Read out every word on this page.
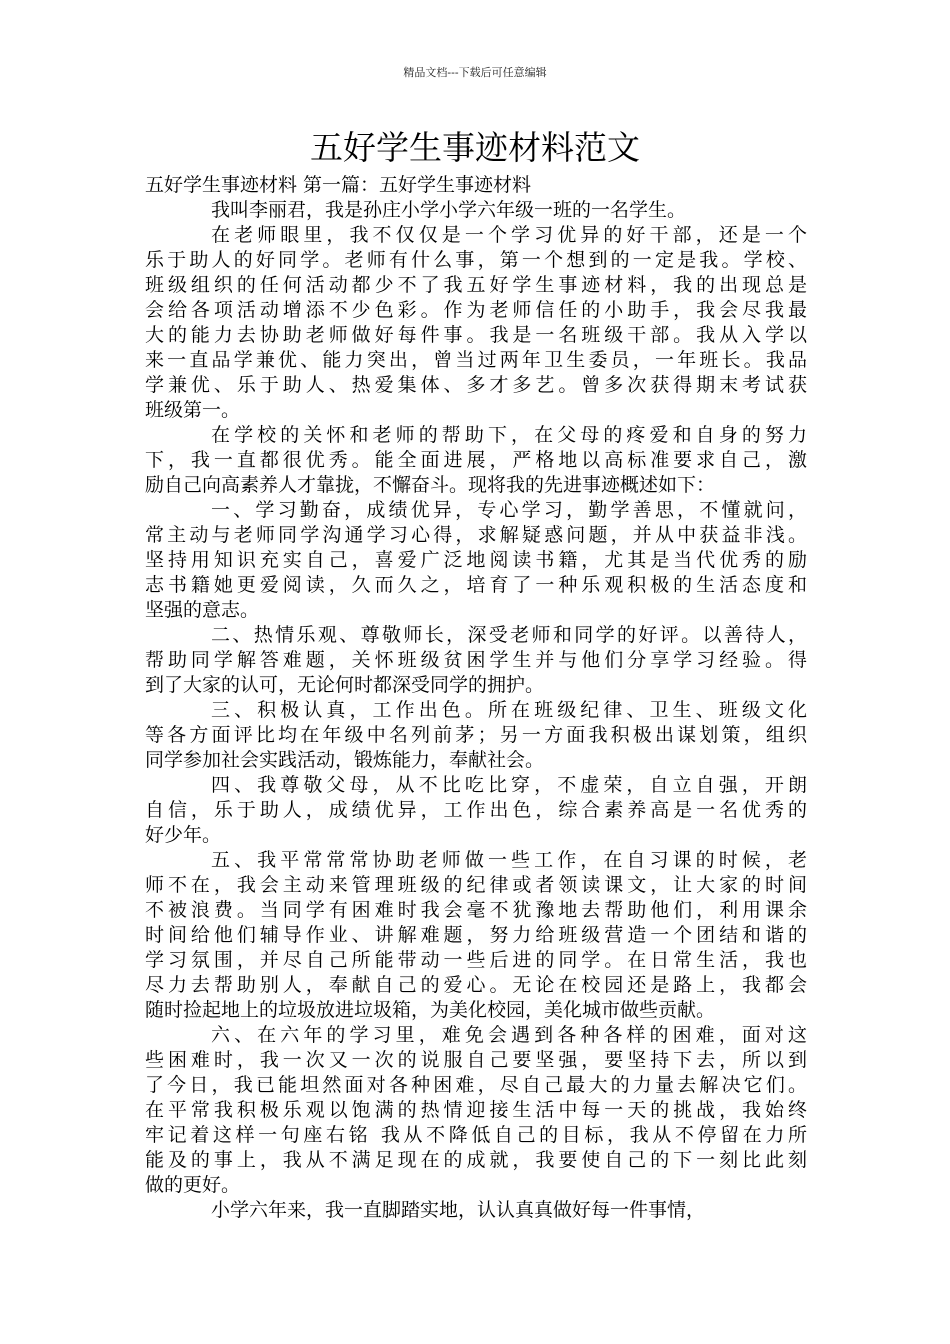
精品文档---下载后可任意编辑
五好学生事迹材料范文
五好学生事迹材料 第一篇：五好学生事迹材料
我叫李丽君，我是孙庄小学小学六年级一班的一名学生。
在老师眼里，我不仅仅是一个学习优异的好干部，还是一个
乐于助人的好同学。老师有什么事，第一个想到的一定是我。学校、
班级组织的任何活动都少不了我五好学生事迹材料，我的出现总是
会给各项活动增添不少色彩。作为老师信任的小助手，我会尽我最
大的能力去协助老师做好每件事。我是一名班级干部。我从入学以
来一直品学兼优、能力突出，曾当过两年卫生委员，一年班长。我品
学兼优、乐于助人、热爱集体、多才多艺。曾多次获得期末考试获
班级第一。
在学校的关怀和老师的帮助下，在父母的疼爱和自身的努力
下，我一直都很优秀。能全面进展，严格地以高标准要求自己，激
励自己向高素养人才靠拢，不懈奋斗。现将我的先进事迹概述如下：
一、学习勤奋，成绩优异，专心学习，勤学善思，不懂就问，
常主动与老师同学沟通学习心得，求解疑惑问题，并从中获益非浅。
坚持用知识充实自己，喜爱广泛地阅读书籍，尤其是当代优秀的励
志书籍她更爱阅读，久而久之，培育了一种乐观积极的生活态度和
坚强的意志。
二、热情乐观、尊敬师长，深受老师和同学的好评。以善待人，
帮助同学解答难题，关怀班级贫困学生并与他们分享学习经验。得
到了大家的认可，无论何时都深受同学的拥护。
三、积极认真，工作出色。所在班级纪律、卫生、班级文化
等各方面评比均在年级中名列前茅；另一方面我积极出谋划策，组织
同学参加社会实践活动，锻炼能力，奉献社会。
四、我尊敬父母，从不比吃比穿，不虚荣，自立自强，开朗
自信，乐于助人，成绩优异，工作出色，综合素养高是一名优秀的
好少年。
五、我平常常常协助老师做一些工作，在自习课的时候，老
师不在，我会主动来管理班级的纪律或者领读课文，让大家的时间
不被浪费。当同学有困难时我会毫不犹豫地去帮助他们，利用课余
时间给他们辅导作业、讲解难题，努力给班级营造一个团结和谐的
学习氛围，并尽自己所能带动一些后进的同学。在日常生活，我也
尽力去帮助别人，奉献自己的爱心。无论在校园还是路上，我都会
随时捡起地上的垃圾放进垃圾箱，为美化校园，美化城市做些贡献。
六、在六年的学习里，难免会遇到各种各样的困难，面对这
些困难时，我一次又一次的说服自己要坚强，要坚持下去，所以到
了今日，我已能坦然面对各种困难，尽自己最大的力量去解决它们。
在平常我积极乐观以饱满的热情迎接生活中每一天的挑战，我始终
牢记着这样一句座右铭 我从不降低自己的目标，我从不停留在力所
能及的事上，我从不满足现在的成就，我要使自己的下一刻比此刻
做的更好。
小学六年来，我一直脚踏实地，认认真真做好每一件事情，
